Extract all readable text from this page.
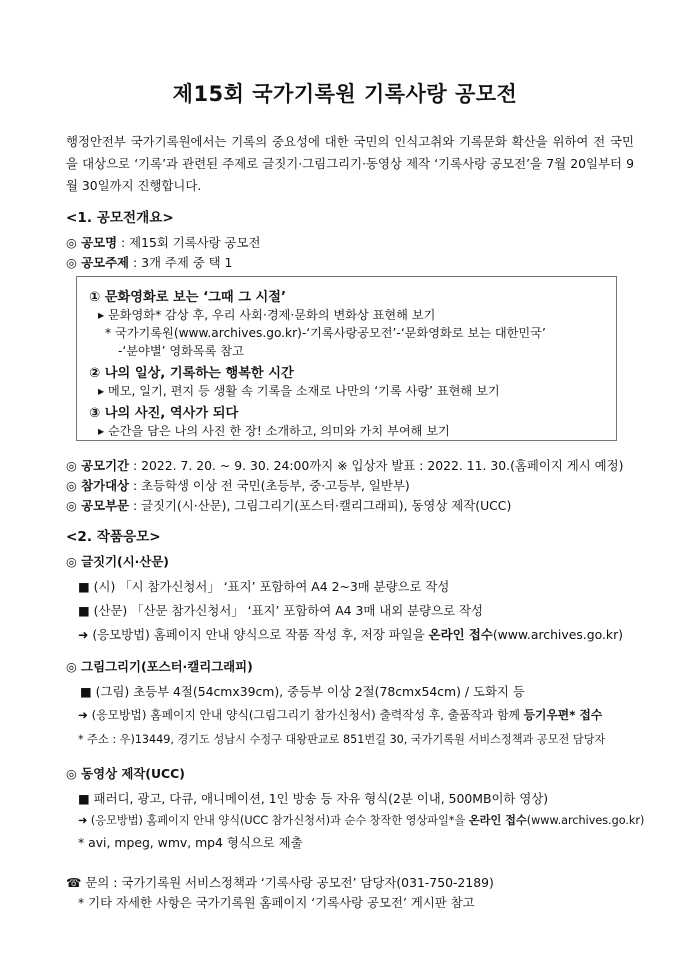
제15회 국가기록원 기록사랑 공모전
행정안전부 국가기록원에서는 기록의 중요성에 대한 국민의 인식고취와 기록문화 확산을 위하여 전 국민을 대상으로 ‘기록’과 관련된 주제로 글짓기·그림그리기·동영상 제작 ‘기록사랑 공모전’을 7월 20일부터 9월 30일까지 진행합니다.
<1. 공모전개요>
◎ 공모명 : 제15회 기록사랑 공모전
◎ 공모주제 : 3개 주제 중 택 1
① 문화영화로 보는 ‘그때 그 시절’
▸ 문화영화* 감상 후, 우리 사회·경제·문화의 변화상 표현해 보기
* 국가기록원(www.archives.go.kr)-‘기록사랑공모전’-‘문화영화로 보는 대한민국’
-‘분야별’ 영화목록 참고
② 나의 일상, 기록하는 행복한 시간
▸ 메모, 일기, 편지 등 생활 속 기록을 소재로 나만의 ‘기록 사랑’ 표현해 보기
③ 나의 사진, 역사가 되다
▸ 순간을 담은 나의 사진 한 장! 소개하고, 의미와 가치 부여해 보기
◎ 공모기간 : 2022. 7. 20. ~ 9. 30. 24:00까지 ※ 입상자 발표 : 2022. 11. 30.(홈페이지 게시 예정)
◎ 참가대상 : 초등학생 이상 전 국민(초등부, 중·고등부, 일반부)
◎ 공모부문 : 글짓기(시·산문), 그림그리기(포스터·캘리그래피), 동영상 제작(UCC)
<2. 작품응모>
◎ 글짓기(시·산문)
■ (시) 「시 참가신청서」 ‘표지’ 포함하여 A4 2~3매 분량으로 작성
■ (산문) 「산문 참가신청서」 ‘표지’ 포함하여 A4 3매 내외 분량으로 작성
➜ (응모방법) 홈페이지 안내 양식으로 작품 작성 후, 저장 파일을 온라인 접수(www.archives.go.kr)
◎ 그림그리기(포스터·캘리그래피)
■ (그림) 초등부 4절(54cmx39cm), 중등부 이상 2절(78cmx54cm) / 도화지 등
➜ (응모방법) 홈페이지 안내 양식(그림그리기 참가신청서) 출력작성 후, 출품작과 함께 등기우편* 접수
* 주소 : 우)13449, 경기도 성남시 수정구 대왕판교로 851번길 30, 국가기록원 서비스정책과 공모전 담당자
◎ 동영상 제작(UCC)
■ 패러디, 광고, 다큐, 애니메이션, 1인 방송 등 자유 형식(2분 이내, 500MB이하 영상)
➜ (응모방법) 홈페이지 안내 양식(UCC 참가신청서)과 순수 창작한 영상파일*을 온라인 접수(www.archives.go.kr)
* avi, mpeg, wmv, mp4 형식으로 제출
☎ 문의 : 국가기록원 서비스정책과 ‘기록사랑 공모전’ 담당자(031-750-2189)
* 기타 자세한 사항은 국가기록원 홈페이지 ‘기록사랑 공모전’ 게시판 참고
